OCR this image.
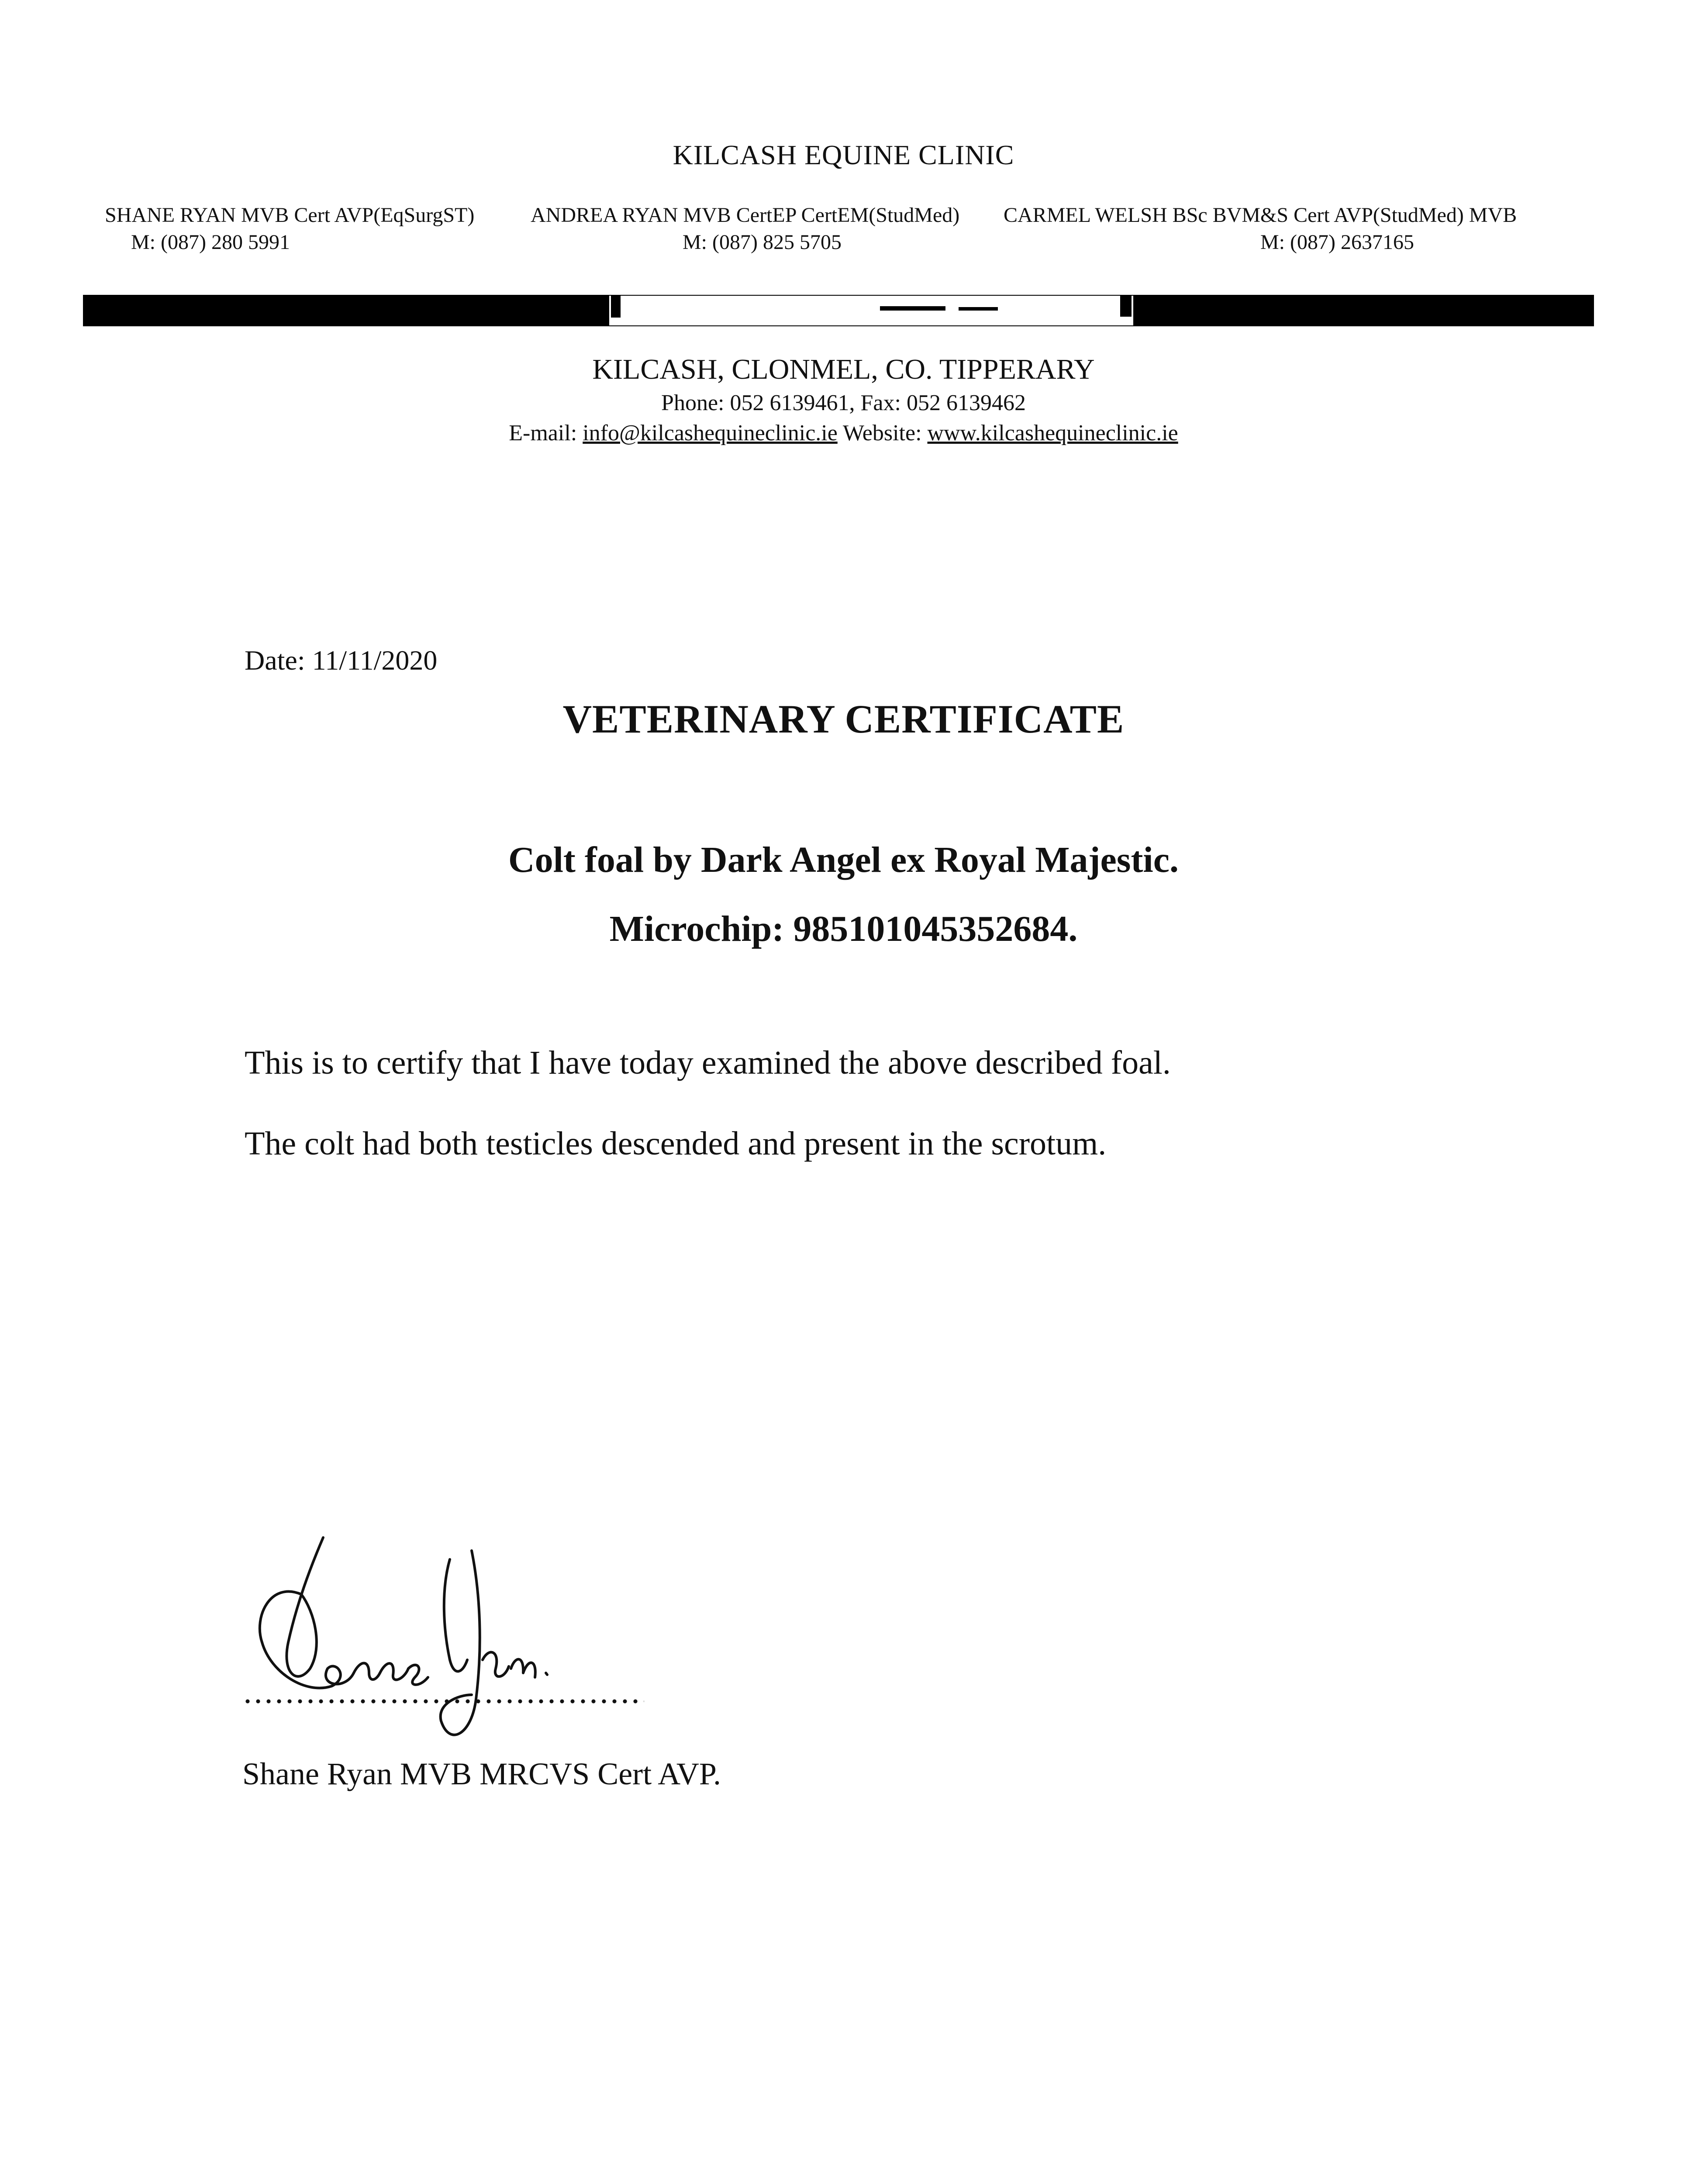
KILCASH EQUINE CLINIC
SHANE RYAN MVB Cert AVP(EqSurgST)
M: (087) 280 5991
ANDREA RYAN MVB CertEP CertEM(StudMed)
M: (087) 825 5705
CARMEL WELSH BSc BVM&S Cert AVP(StudMed) MVB
M: (087) 2637165
KILCASH, CLONMEL, CO. TIPPERARY
Phone: 052 6139461, Fax: 052 6139462
E-mail: info@kilcashequineclinic.ie Website: www.kilcashequineclinic.ie
Date: 11/11/2020
VETERINARY CERTIFICATE
Colt foal by Dark Angel ex Royal Majestic.
Microchip: 985101045352684.
This is to certify that I have today examined the above described foal.
The colt had both testicles descended and present in the scrotum.
Shane Ryan MVB MRCVS Cert AVP.
